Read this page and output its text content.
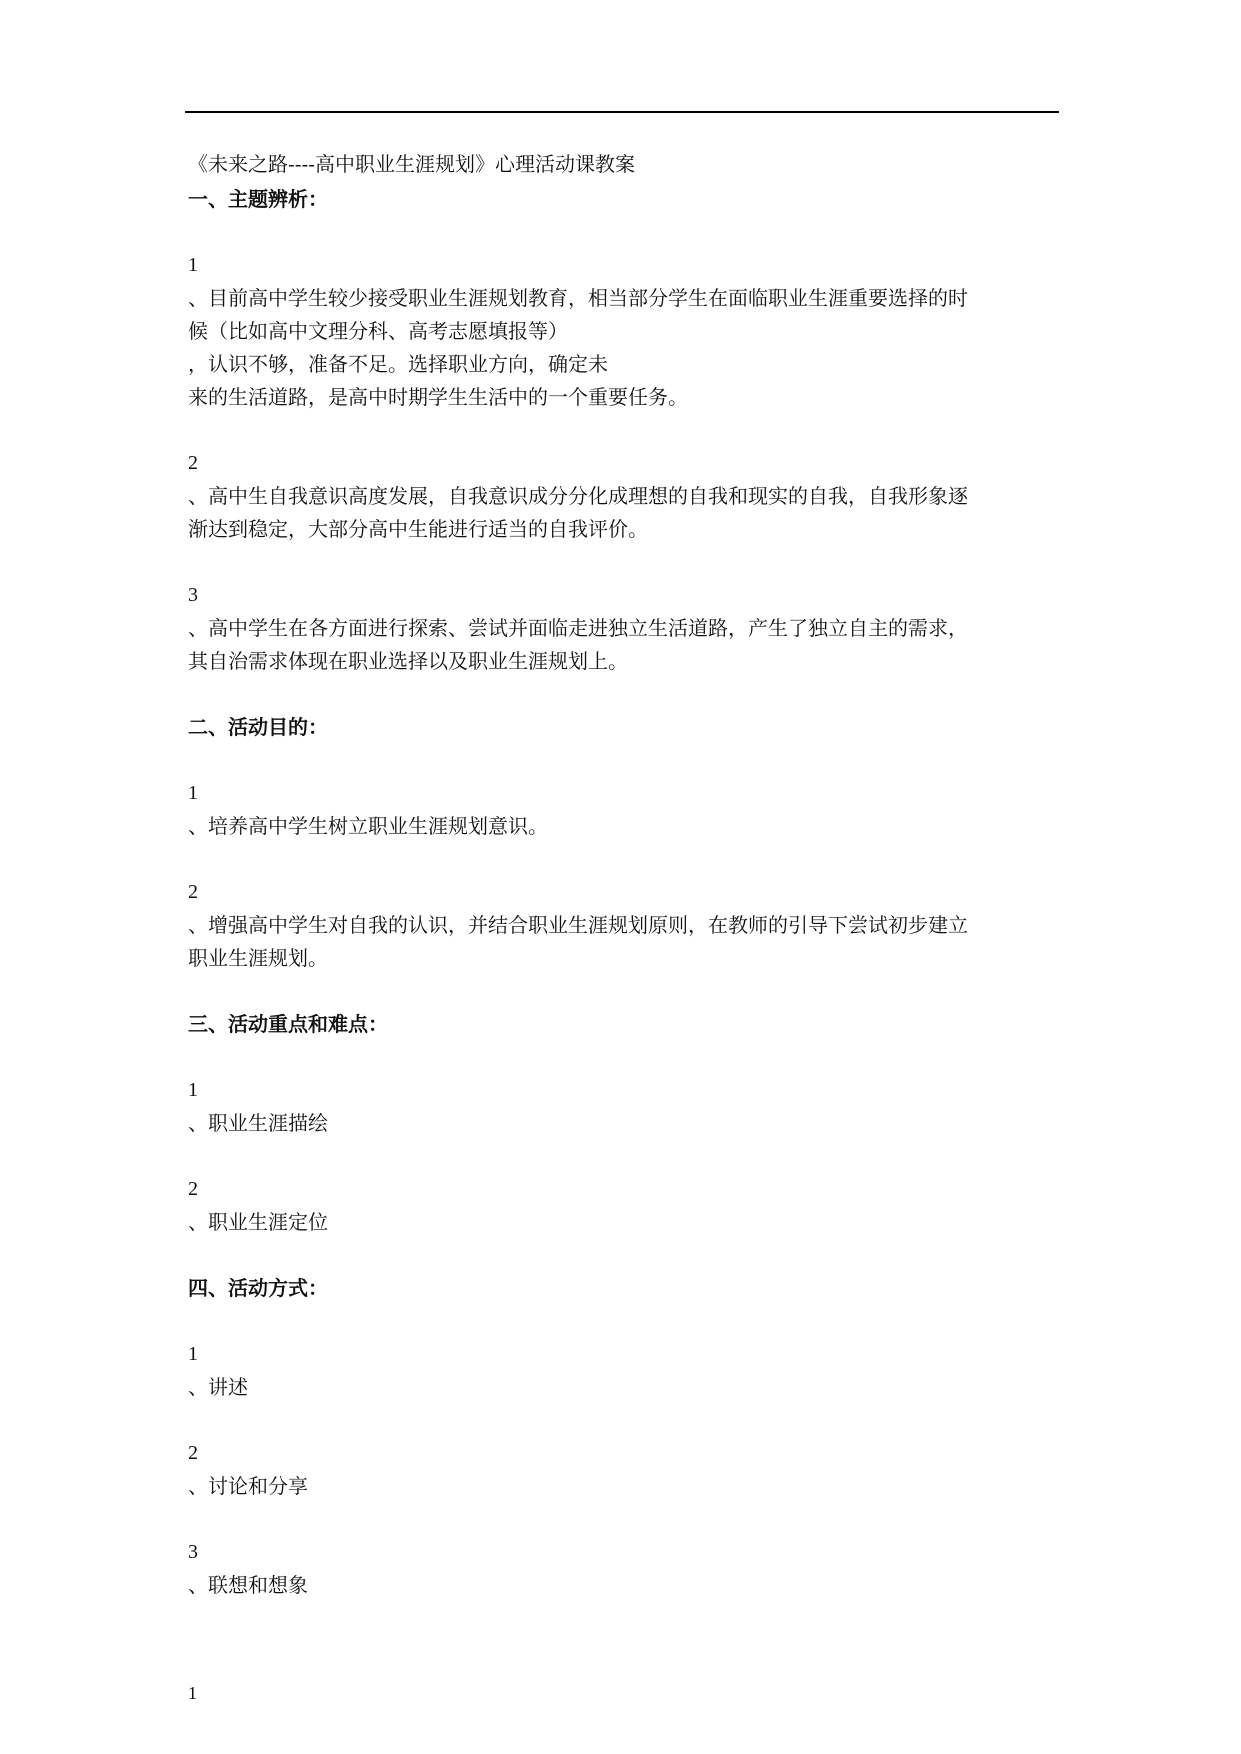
《未来之路----高中职业生涯规划》心理活动课教案
一、主题辨析：
1
、目前高中学生较少接受职业生涯规划教育，相当部分学生在面临职业生涯重要选择的时
候（比如高中文理分科、高考志愿填报等）
，认识不够，准备不足。选择职业方向，确定未
来的生活道路，是高中时期学生生活中的一个重要任务。
2
、高中生自我意识高度发展，自我意识成分分化成理想的自我和现实的自我，自我形象逐
渐达到稳定，大部分高中生能进行适当的自我评价。
3
、高中学生在各方面进行探索、尝试并面临走进独立生活道路，产生了独立自主的需求，
其自治需求体现在职业选择以及职业生涯规划上。
二、活动目的：
1
、培养高中学生树立职业生涯规划意识。
2
、增强高中学生对自我的认识，并结合职业生涯规划原则，在教师的引导下尝试初步建立
职业生涯规划。
三、活动重点和难点：
1
、职业生涯描绘
2
、职业生涯定位
四、活动方式：
1
、讲述
2
、讨论和分享
3
、联想和想象
1
